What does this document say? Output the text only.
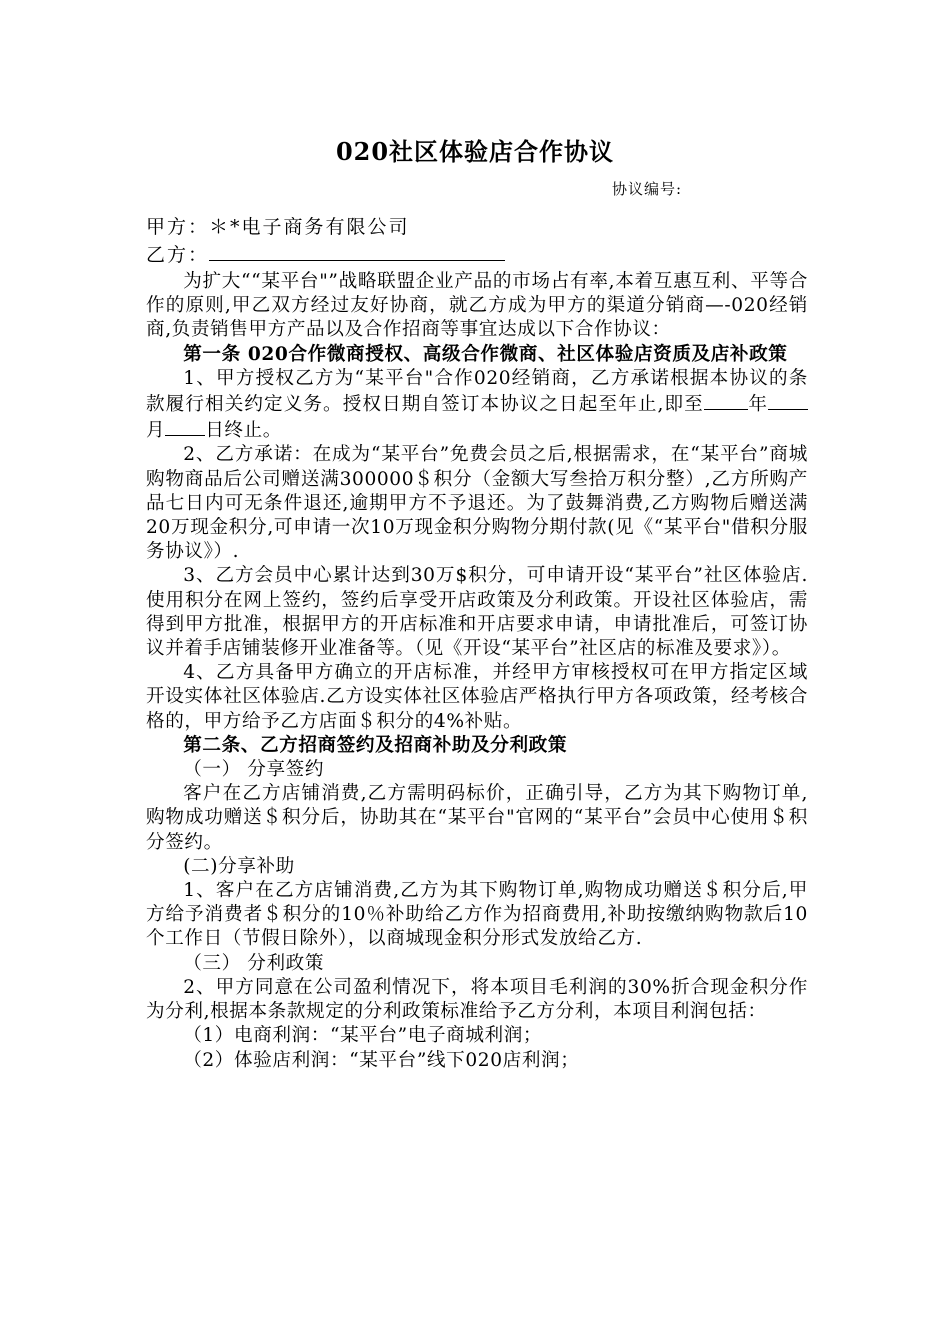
020社区体验店合作协议
协议编号:
甲方：＊*电子商务有限公司
乙方：

为扩大““某平台"”战略联盟企业产品的市场占有率,本着互惠互利、平等合作的原则,甲乙双方经过友好协商，就乙方成为甲方的渠道分销商—-020经销商,负责销售甲方产品以及合作招商等事宜达成以下合作协议：

第一条 020合作微商授权、高级合作微商、社区体验店资质及店补政策

1、甲方授权乙方为“某平台"合作020经销商，乙方承诺根据本协议的条款履行相关约定义务。授权日期自签订本协议之日起至年止,即至 年月 日终止。

2、乙方承诺：在成为“某平台”免费会员之后,根据需求，在“某平台”商城购物商品后公司赠送满300000＄积分（金额大写叁拾万积分整）,乙方所购产品七日内可无条件退还,逾期甲方不予退还。为了鼓舞消费,乙方购物后赠送满20万现金积分,可申请一次10万现金积分购物分期付款(见《“某平台"借积分服务协议》）.

3、乙方会员中心累计达到30万$积分，可申请开设“某平台”社区体验店.使用积分在网上签约，签约后享受开店政策及分利政策。开设社区体验店，需得到甲方批准，根据甲方的开店标准和开店要求申请，申请批准后，可签订协议并着手店铺装修开业准备等。（见《开设“某平台”社区店的标准及要求》）。

4、乙方具备甲方确立的开店标准，并经甲方审核授权可在甲方指定区域开设实体社区体验店.乙方设实体社区体验店严格执行甲方各项政策，经考核合格的，甲方给予乙方店面＄积分的4%补贴。

第二条、乙方招商签约及招商补助及分利政策

（一） 分享签约

客户在乙方店铺消费,乙方需明码标价，正确引导，乙方为其下购物订单,购物成功赠送＄积分后，协助其在“某平台"官网的“某平台”会员中心使用＄积分签约。

(二)分享补助

1、客户在乙方店铺消费,乙方为其下购物订单,购物成功赠送＄积分后,甲方给予消费者＄积分的10％补助给乙方作为招商费用,补助按缴纳购物款后10个工作日（节假日除外），以商城现金积分形式发放给乙方.

（三） 分利政策

2、甲方同意在公司盈利情况下，将本项目毛利润的30%折合现金积分作为分利,根据本条款规定的分利政策标准给予乙方分利，本项目利润包括：

（1）电商利润：“某平台”电子商城利润；

（2）体验店利润：“某平台”线下020店利润；
